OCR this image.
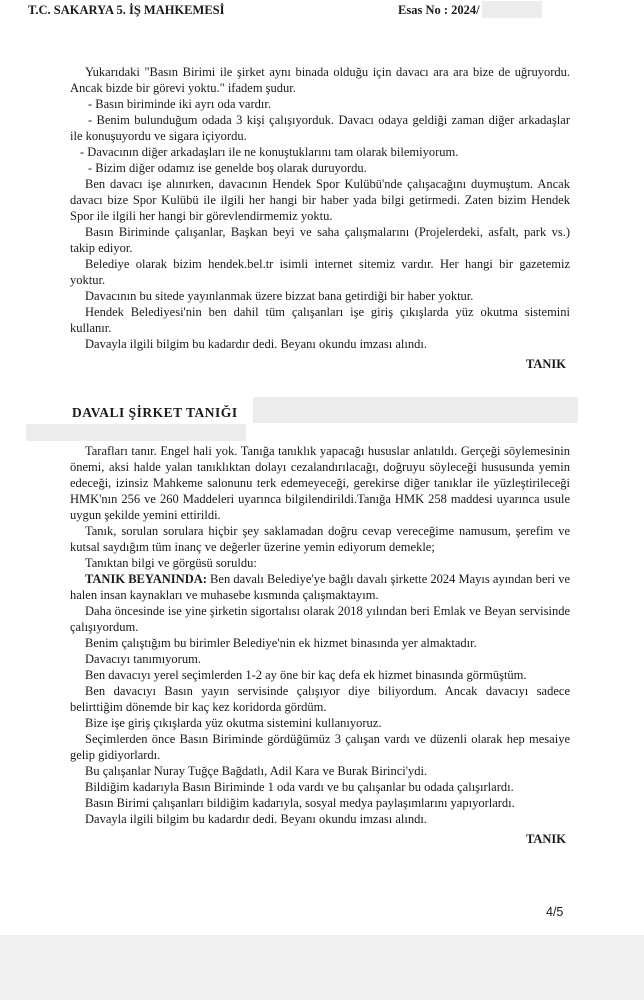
T.C. SAKARYA 5. İŞ MAHKEMESİ	Esas No : 2024/

Yukarıdaki "Basın Birimi ile şirket aynı binada olduğu için davacı ara ara bize de uğruyordu. Ancak bizde bir görevi yoktu." ifadem şudur.

- Basın biriminde iki ayrı oda vardır.

- Benim bulunduğum odada 3 kişi çalışıyorduk. Davacı odaya geldiği zaman diğer arkadaşlar ile konuşuyordu ve sigara içiyordu.

- Davacının diğer arkadaşları ile ne konuştuklarını tam olarak bilemiyorum.

- Bizim diğer odamız ise genelde boş olarak duruyordu.

Ben davacı işe alınırken, davacının Hendek Spor Kulübü'nde çalışacağını duymuştum. Ancak davacı bize Spor Kulübü ile ilgili her hangi bir haber yada bilgi getirmedi. Zaten bizim Hendek Spor ile ilgili her hangi bir görevlendirmemiz yoktu.

Basın Biriminde çalışanlar, Başkan beyi ve saha çalışmalarını (Projelerdeki, asfalt, park vs.) takip ediyor.

Belediye olarak bizim hendek.bel.tr isimli internet sitemiz vardır. Her hangi bir gazetemiz yoktur.

Davacının bu sitede yayınlanmak üzere bizzat bana getirdiği bir haber yoktur.

Hendek Belediyesi'nin ben dahil tüm çalışanları işe giriş çıkışlarda yüz okutma sistemini kullanır.

Davayla ilgili bilgim bu kadardır dedi. Beyanı okundu imzası alındı.

TANIK

DAVALI ŞİRKET TANIĞI

Tarafları tanır. Engel hali yok. Tanığa tanıklık yapacağı hususlar anlatıldı. Gerçeği söylemesinin önemi, aksi halde yalan tanıklıktan dolayı cezalandırılacağı, doğruyu söyleceği hususunda yemin edeceği, izinsiz Mahkeme salonunu terk edemeyeceği, gerekirse diğer tanıklar ile yüzleştirileceği HMK'nın 256 ve 260 Maddeleri uyarınca bilgilendirildi.Tanığa HMK 258 maddesi uyarınca usule uygun şekilde yemini ettirildi.

Tanık, sorulan sorulara hiçbir şey saklamadan doğru cevap vereceğime namusum, şerefim ve kutsal saydığım tüm inanç ve değerler üzerine yemin ediyorum demekle;

Tanıktan bilgi ve görgüsü soruldu:

TANIK BEYANINDA: Ben davalı Belediye'ye bağlı davalı şirkette 2024 Mayıs ayından beri ve halen insan kaynakları ve muhasebe kısmında çalışmaktayım.

Daha öncesinde ise yine şirketin sigortalısı olarak 2018 yılından beri Emlak ve Beyan servisinde çalışıyordum.

Benim çalıştığım bu birimler Belediye'nin ek hizmet binasında yer almaktadır.

Davacıyı tanımıyorum.

Ben davacıyı yerel seçimlerden 1-2 ay öne bir kaç defa ek hizmet binasında görmüştüm.

Ben davacıyı Basın yayın servisinde çalışıyor diye biliyordum. Ancak davacıyı sadece belirttiğim dönemde bir kaç kez koridorda gördüm.

Bize işe giriş çıkışlarda yüz okutma sistemini kullanıyoruz.

Seçimlerden önce Basın Biriminde gördüğümüz 3 çalışan vardı ve düzenli olarak hep mesaiye gelip gidiyorlardı.

Bu çalışanlar Nuray Tuğçe Bağdatlı, Adil Kara ve Burak Birinci'ydi.

Bildiğim kadarıyla Basın Biriminde 1 oda vardı ve bu çalışanlar bu odada çalışırlardı.

Basın Birimi çalışanları bildiğim kadarıyla, sosyal medya paylaşımlarını yapıyorlardı.

Davayla ilgili bilgim bu kadardır dedi. Beyanı okundu imzası alındı.

TANIK

4/5
